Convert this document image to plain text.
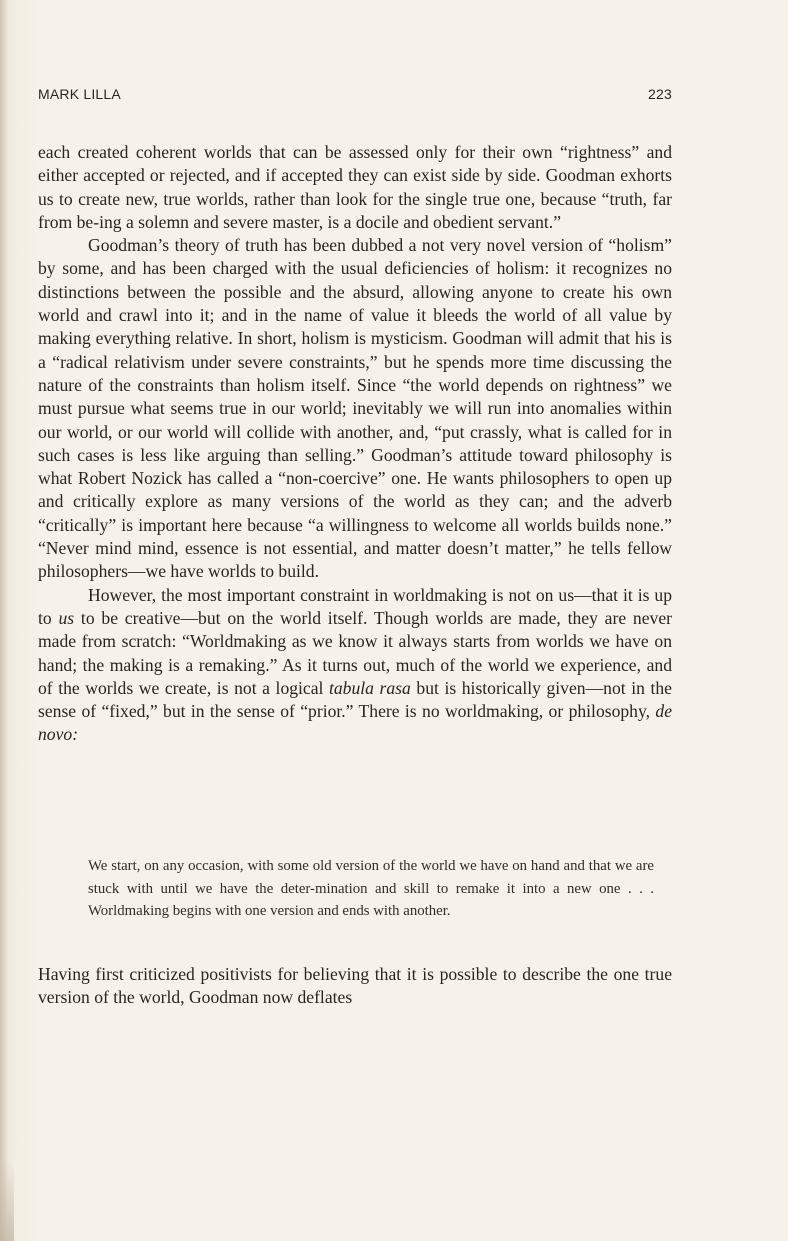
MARK LILLA	223

each created coherent worlds that can be assessed only for their own “rightness” and either accepted or rejected, and if accepted they can exist side by side. Goodman exhorts us to create new, true worlds, rather than look for the single true one, because “truth, far from be-ing a solemn and severe master, is a docile and obedient servant.”

Goodman’s theory of truth has been dubbed a not very novel version of “holism” by some, and has been charged with the usual deficiencies of holism: it recognizes no distinctions between the possible and the absurd, allowing anyone to create his own world and crawl into it; and in the name of value it bleeds the world of all value by making everything relative. In short, holism is mysticism. Goodman will admit that his is a “radical relativism under severe constraints,” but he spends more time discussing the nature of the constraints than holism itself. Since “the world depends on rightness” we must pursue what seems true in our world; inevitably we will run into anomalies within our world, or our world will collide with another, and, “put crassly, what is called for in such cases is less like arguing than selling.” Goodman’s attitude toward philosophy is what Robert Nozick has called a “non-coercive” one. He wants philosophers to open up and critically explore as many versions of the world as they can; and the adverb “critically” is important here because “a willingness to welcome all worlds builds none.” “Never mind mind, essence is not essential, and matter doesn’t matter,” he tells fellow philosophers—we have worlds to build.

However, the most important constraint in worldmaking is not on us—that it is up to us to be creative—but on the world itself. Though worlds are made, they are never made from scratch: “Worldmaking as we know it always starts from worlds we have on hand; the making is a remaking.” As it turns out, much of the world we experience, and of the worlds we create, is not a logical tabula rasa but is historically given—not in the sense of “fixed,” but in the sense of “prior.” There is no worldmaking, or philosophy, de novo:

We start, on any occasion, with some old version of the world we have on hand and that we are stuck with until we have the deter-mination and skill to remake it into a new one . . . Worldmaking begins with one version and ends with another.

Having first criticized positivists for believing that it is possible to describe the one true version of the world, Goodman now deflates
